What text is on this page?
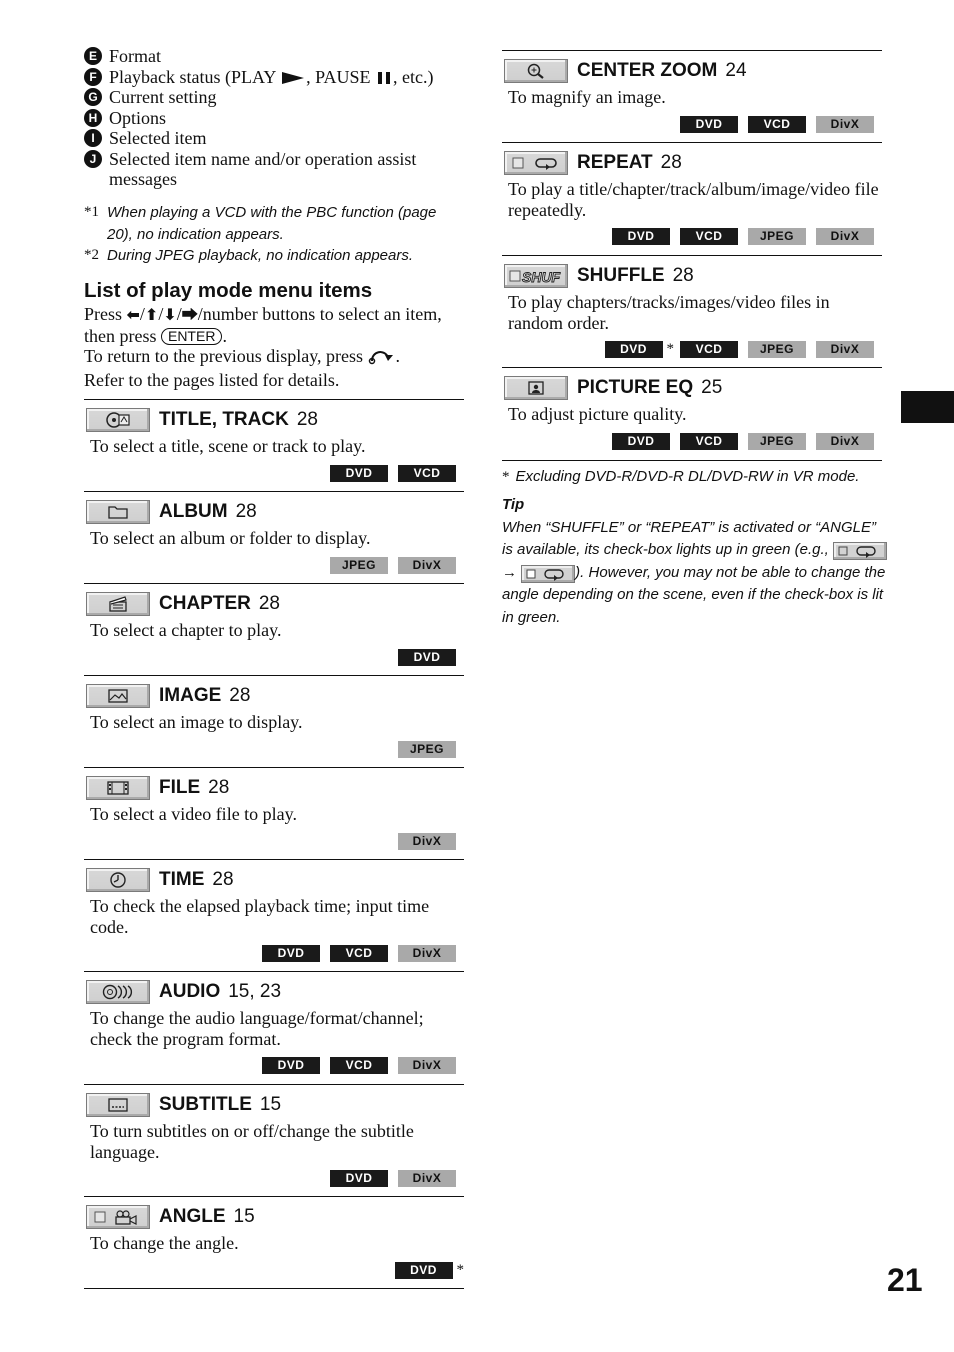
E Format
F Playback status (PLAY , PAUSE , etc.)
G Current setting
H Options
I Selected item
J Selected item name and/or operation assist messages
*1 When playing a VCD with the PBC function (page 20), no indication appears.
*2 During JPEG playback, no indication appears.
List of play mode menu items
Press ⬅/⬆/⬇/⮕/number buttons to select an item, then press ENTER .
To return to the previous display, press .
Refer to the pages listed for details.
TITLE, TRACK 28
To select a title, scene or track to play.
DVD	VCD
ALBUM 28
To select an album or folder to display.
JPEG	DivX
CHAPTER 28
To select a chapter to play.
DVD
IMAGE 28
To select an image to display.
JPEG
FILE 28
To select a video file to play.
DivX
TIME 28
To check the elapsed playback time; input time code.
DVD	VCD	DivX
AUDIO 15, 23
To change the audio language/format/channel; check the program format.
DVD	VCD	DivX
SUBTITLE 15
To turn subtitles on or off/change the subtitle language.
DVD	DivX
ANGLE 15
To change the angle.
DVD	*
CENTER ZOOM 24
To magnify an image.
DVD	VCD	DivX
REPEAT 28
To play a title/chapter/track/album/image/video file repeatedly.
DVD	VCD	JPEG	DivX
SHUF SHUFFLE 28
To play chapters/tracks/images/video files in random order.
DVD	*	VCD	JPEG	DivX
PICTURE EQ 25
To adjust picture quality.
DVD	VCD	JPEG	DivX
* Excluding DVD-R/DVD-R DL/DVD-RW in VR mode.
Tip
When “SHUFFLE” or “REPEAT” is activated or “ANGLE” is available, its check-box lights up in green (e.g.,
→	). However, you may not be able to change the angle depending on the scene, even if the check-box is lit in green.
21
